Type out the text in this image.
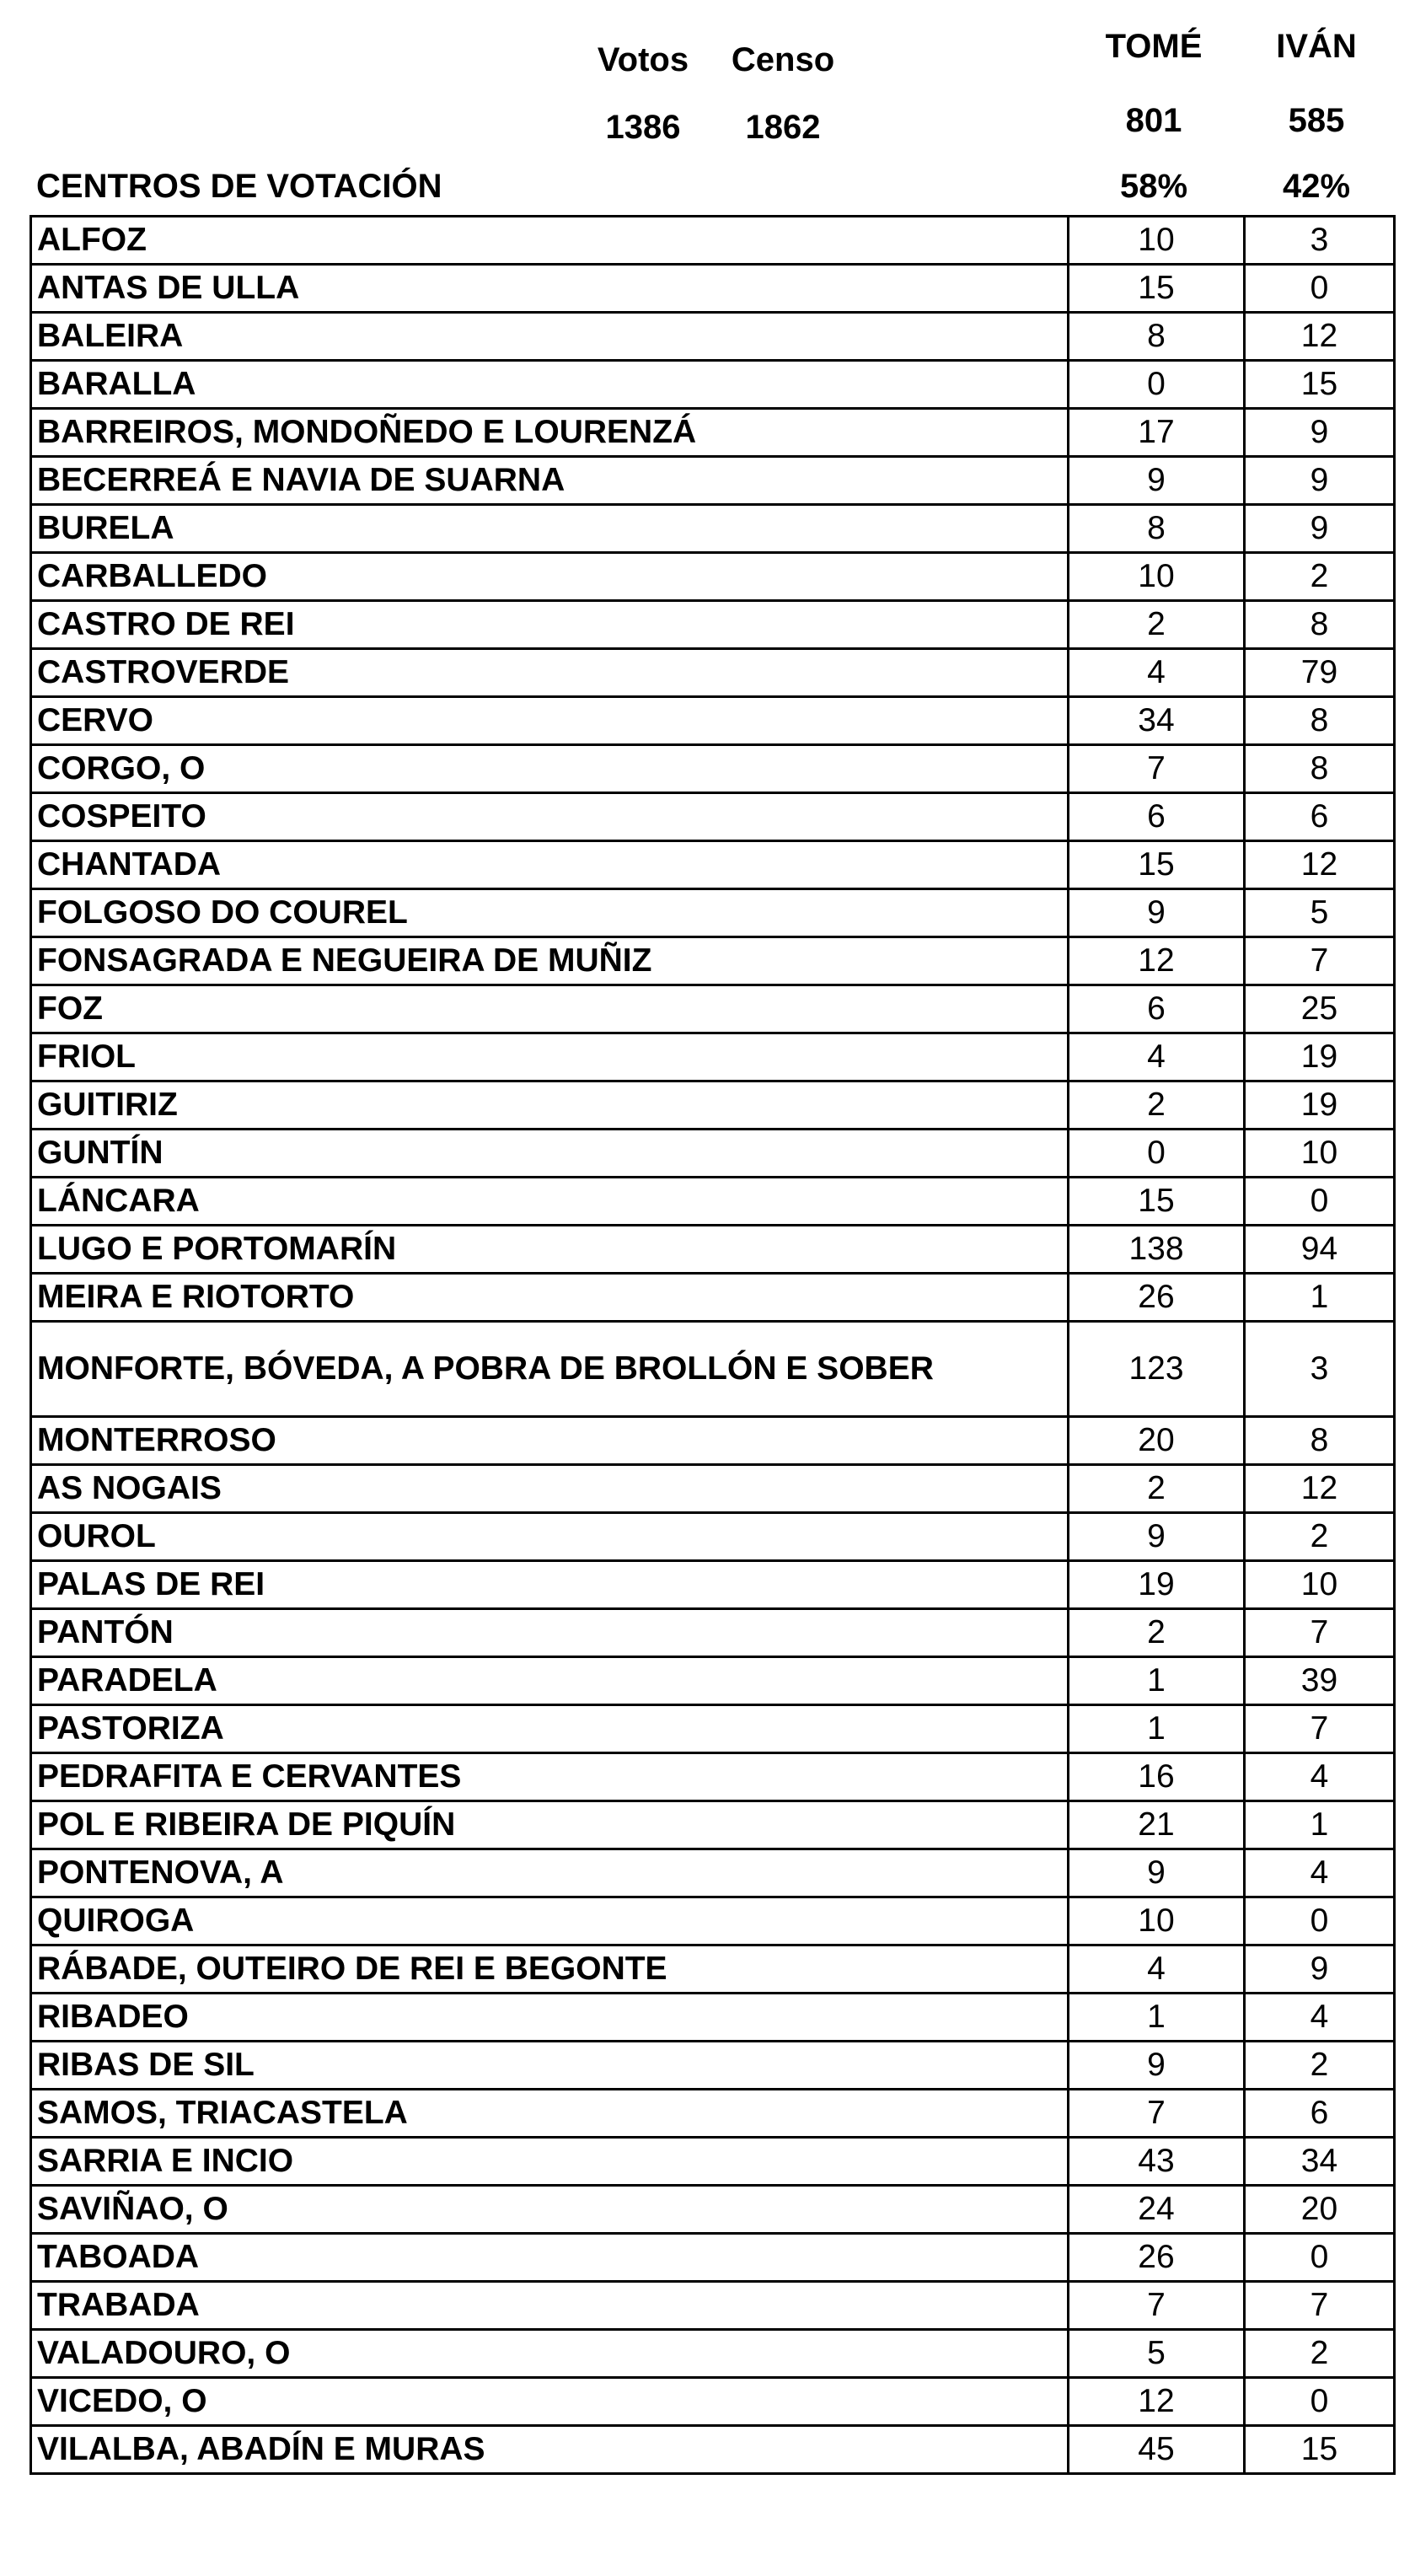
Votos	Censo
1386	1862
TOMÉ	IVÁN
801	585
58%	42%
CENTROS DE VOTACIÓN
ALFOZ	10	3
ANTAS DE ULLA	15	0
BALEIRA	8	12
BARALLA	0	15
BARREIROS, MONDOÑEDO E LOURENZÁ	17	9
BECERREÁ E NAVIA DE SUARNA	9	9
BURELA	8	9
CARBALLEDO	10	2
CASTRO DE REI	2	8
CASTROVERDE	4	79
CERVO	34	8
CORGO, O	7	8
COSPEITO	6	6
CHANTADA	15	12
FOLGOSO DO COUREL	9	5
FONSAGRADA E NEGUEIRA DE MUÑIZ	12	7
FOZ	6	25
FRIOL	4	19
GUITIRIZ	2	19
GUNTÍN	0	10
LÁNCARA	15	0
LUGO E PORTOMARÍN	138	94
MEIRA E RIOTORTO	26	1
MONFORTE, BÓVEDA, A POBRA DE BROLLÓN E SOBER	123	3
MONTERROSO	20	8
AS NOGAIS	2	12
OUROL	9	2
PALAS DE REI	19	10
PANTÓN	2	7
PARADELA	1	39
PASTORIZA	1	7
PEDRAFITA E CERVANTES	16	4
POL E RIBEIRA DE PIQUÍN	21	1
PONTENOVA, A	9	4
QUIROGA	10	0
RÁBADE, OUTEIRO DE REI E BEGONTE	4	9
RIBADEO	1	4
RIBAS DE SIL	9	2
SAMOS, TRIACASTELA	7	6
SARRIA E INCIO	43	34
SAVIÑAO, O	24	20
TABOADA	26	0
TRABADA	7	7
VALADOURO, O	5	2
VICEDO, O	12	0
VILALBA, ABADÍN E MURAS	45	15
